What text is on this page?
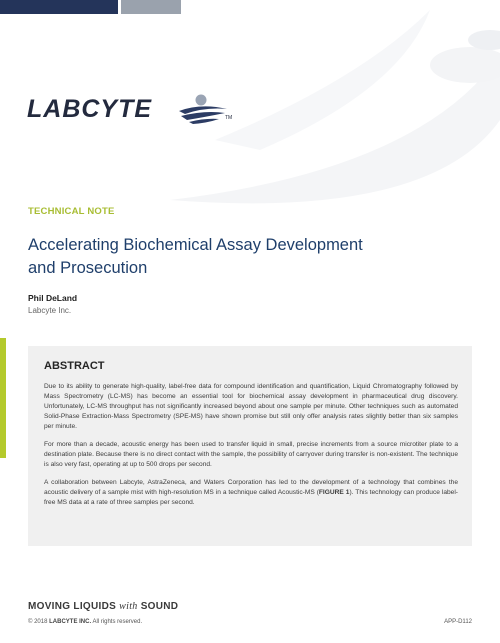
LABCYTE	TM
TECHNICAL NOTE
Accelerating Biochemical Assay Development
and Prosecution
Phil DeLand
Labcyte Inc.
ABSTRACT

Due to its ability to generate high-quality, label-free data for compound identification and quantification, Liquid Chromatography followed by Mass Spectrometry (LC-MS) has become an essential tool for biochemical assay development in pharmaceutical drug discovery. Unfortunately, LC-MS throughput has not significantly increased beyond about one sample per minute. Other techniques such as automated Solid-Phase Extraction-Mass Spectrometry (SPE-MS) have shown promise but still only offer analysis rates slightly better than six samples per minute.

For more than a decade, acoustic energy has been used to transfer liquid in small, precise increments from a source microtiter plate to a destination plate. Because there is no direct contact with the sample, the possibility of carryover during transfer is non-existent. The technique is also very fast, operating at up to 500 drops per second.

A collaboration between Labcyte, AstraZeneca, and Waters Corporation has led to the development of a technology that combines the acoustic delivery of a sample mist with high-resolution MS in a technique called Acoustic-MS (FIGURE 1). This technology can produce label-free MS data at a rate of three samples per second.

MOVING LIQUIDS with SOUND
© 2018 LABCYTE INC. All rights reserved.	APP-D112
